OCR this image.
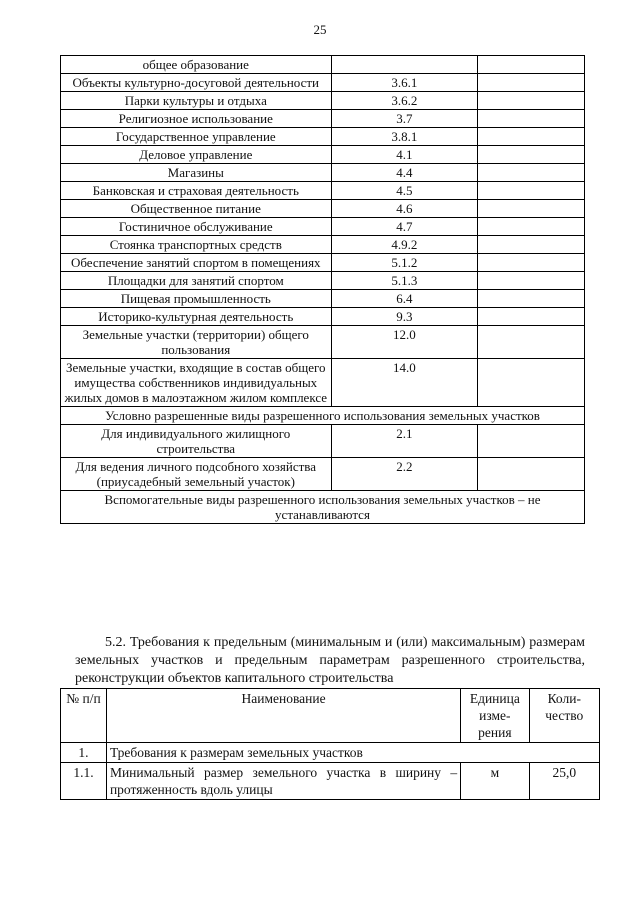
25
общее образование		
Объекты культурно-досуговой деятельности	3.6.1	
Парки культуры и отдыха	3.6.2	
Религиозное использование	3.7	
Государственное управление	3.8.1	
Деловое управление	4.1	
Магазины	4.4	
Банковская и страховая деятельность	4.5	
Общественное питание	4.6	
Гостиничное обслуживание	4.7	
Стоянка транспортных средств	4.9.2	
Обеспечение занятий спортом в помещениях	5.1.2	
Площадки для занятий спортом	5.1.3	
Пищевая промышленность	6.4	
Историко-культурная деятельность	9.3	
Земельные участки (территории) общего пользования	12.0	
Земельные участки, входящие в состав общего имущества собственников индивидуальных жилых домов в малоэтажном жилом комплексе	14.0	
Условно разрешенные виды разрешенного использования земельных участков		
Для индивидуального жилищного строительства	2.1	
Для ведения личного подсобного хозяйства (приусадебный земельный участок)	2.2	
Вспомогательные виды разрешенного использования земельных участков – не устанавливаются		

5.2. Требования к предельным (минимальным и (или) максимальным) размерам земельных участков и предельным параметрам разрешенного строительства, реконструкции объектов капитального строительства

№ п/п	Наименование	Единица изме-рения	Коли-чество
1.	Требования к размерам земельных участков		
1.1.	Минимальный размер земельного участка в ширину – протяженность вдоль улицы	м	25,0
